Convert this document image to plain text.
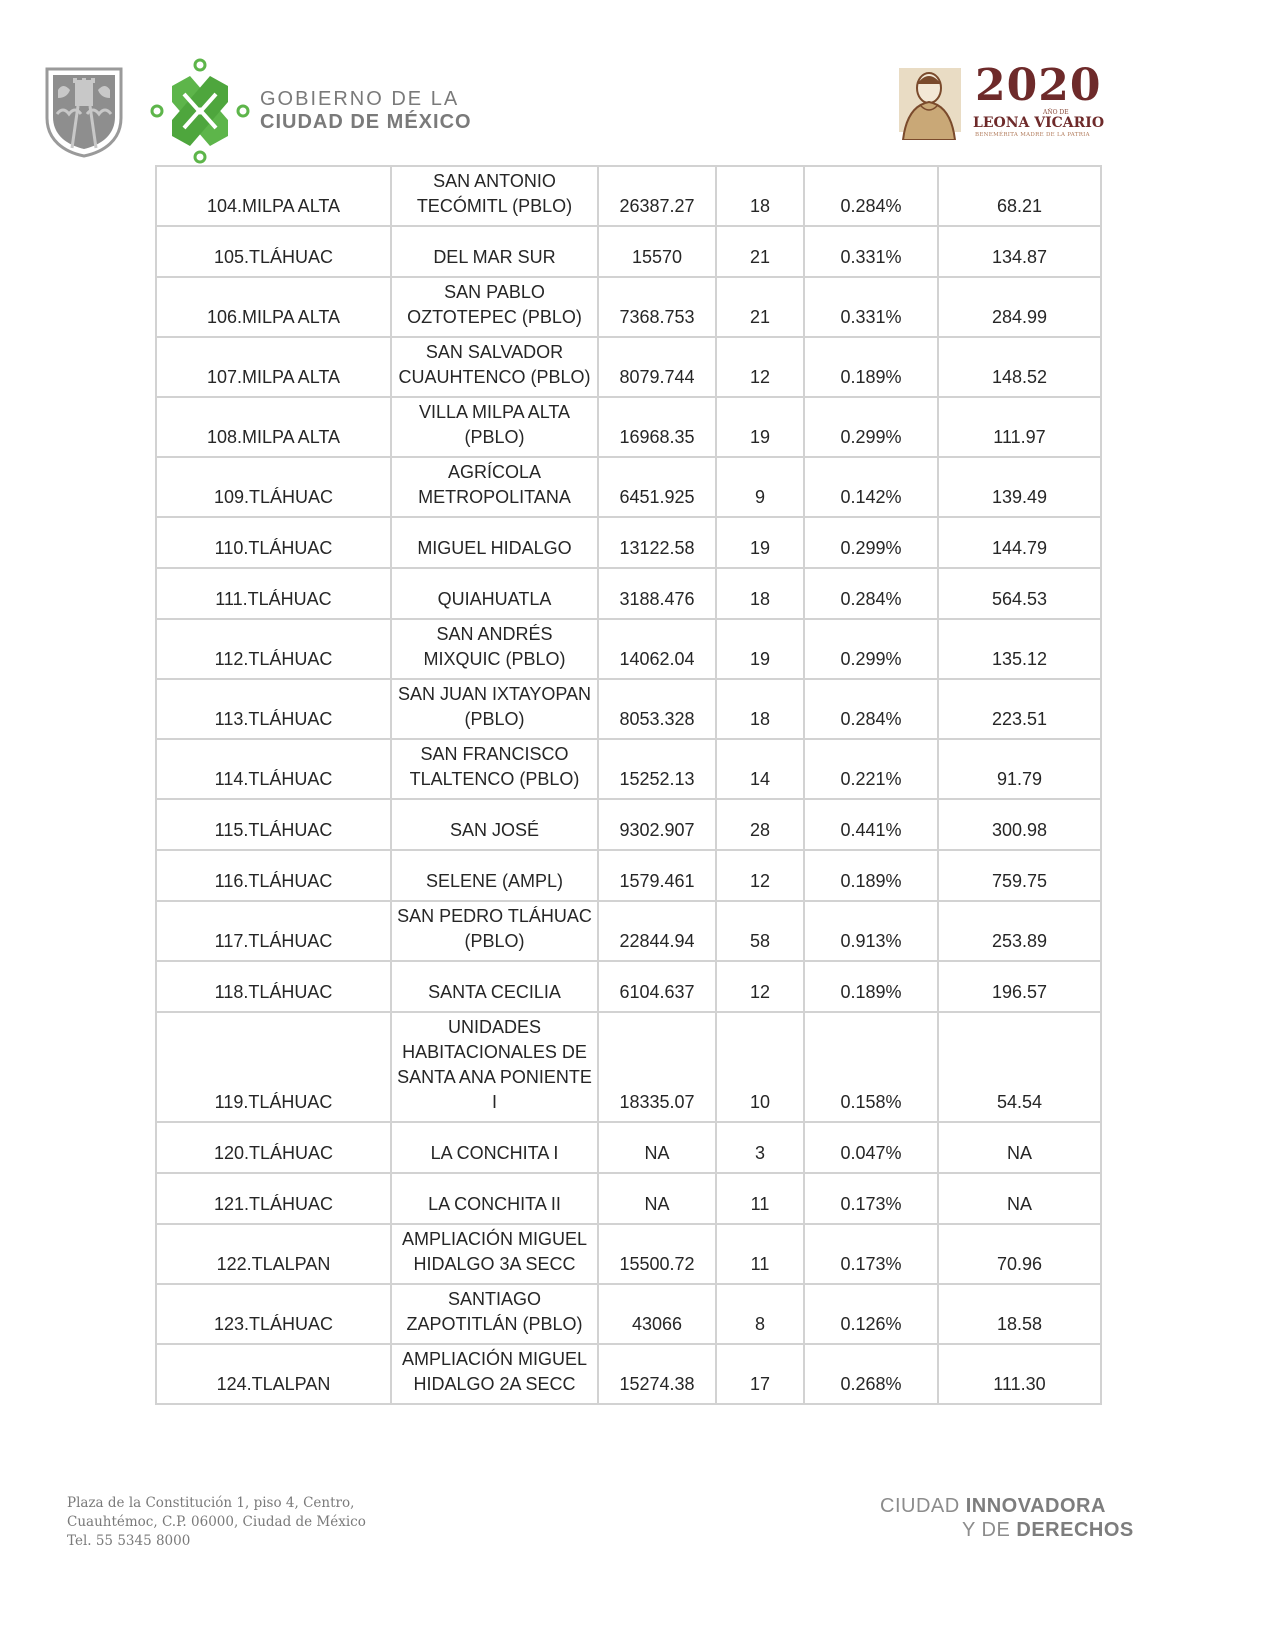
GOBIERNO DE LA
CIUDAD DE MÉXICO
2020
AÑO DE
LEONA VICARIO
BENEMÉRITA MADRE DE LA PATRIA
104.MILPA ALTA	SAN ANTONIO TECÓMITL (PBLO)	26387.27	18	0.284%	68.21
105.TLÁHUAC	DEL MAR SUR	15570	21	0.331%	134.87
106.MILPA ALTA	SAN PABLO OZTOTEPEC (PBLO)	7368.753	21	0.331%	284.99
107.MILPA ALTA	SAN SALVADOR CUAUHTENCO (PBLO)	8079.744	12	0.189%	148.52
108.MILPA ALTA	VILLA MILPA ALTA (PBLO)	16968.35	19	0.299%	111.97
109.TLÁHUAC	AGRÍCOLA METROPOLITANA	6451.925	9	0.142%	139.49
110.TLÁHUAC	MIGUEL HIDALGO	13122.58	19	0.299%	144.79
111.TLÁHUAC	QUIAHUATLA	3188.476	18	0.284%	564.53
112.TLÁHUAC	SAN ANDRÉS MIXQUIC (PBLO)	14062.04	19	0.299%	135.12
113.TLÁHUAC	SAN JUAN IXTAYOPAN (PBLO)	8053.328	18	0.284%	223.51
114.TLÁHUAC	SAN FRANCISCO TLALTENCO (PBLO)	15252.13	14	0.221%	91.79
115.TLÁHUAC	SAN JOSÉ	9302.907	28	0.441%	300.98
116.TLÁHUAC	SELENE (AMPL)	1579.461	12	0.189%	759.75
117.TLÁHUAC	SAN PEDRO TLÁHUAC (PBLO)	22844.94	58	0.913%	253.89
118.TLÁHUAC	SANTA CECILIA	6104.637	12	0.189%	196.57
119.TLÁHUAC	UNIDADES HABITACIONALES DE SANTA ANA PONIENTE I	18335.07	10	0.158%	54.54
120.TLÁHUAC	LA CONCHITA I	NA	3	0.047%	NA
121.TLÁHUAC	LA CONCHITA II	NA	11	0.173%	NA
122.TLALPAN	AMPLIACIÓN MIGUEL HIDALGO 3A SECC	15500.72	11	0.173%	70.96
123.TLÁHUAC	SANTIAGO ZAPOTITLÁN (PBLO)	43066	8	0.126%	18.58
124.TLALPAN	AMPLIACIÓN MIGUEL HIDALGO 2A SECC	15274.38	17	0.268%	111.30
Plaza de la Constitución 1, piso 4, Centro,
Cuauhtémoc, C.P. 06000, Ciudad de México
Tel. 55 5345 8000
CIUDAD INNOVADORA
Y DE DERECHOS
